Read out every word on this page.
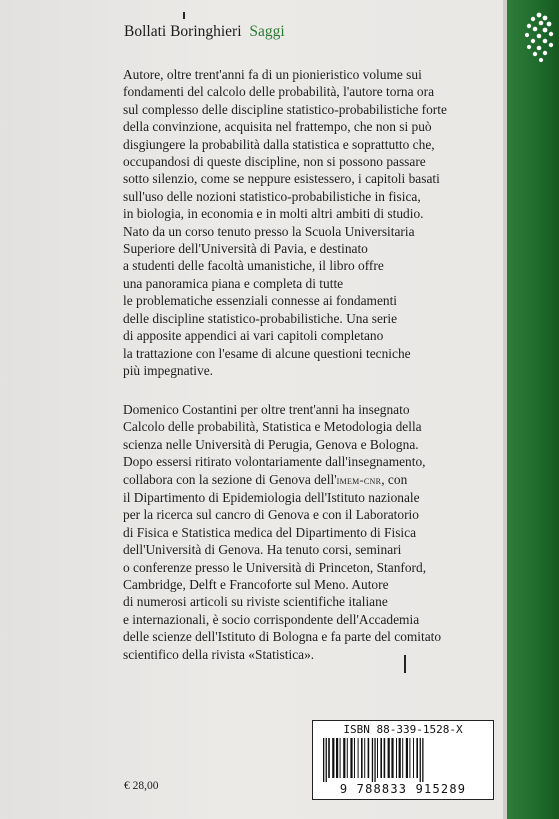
Bollati Boringhieri Saggi

Autore, oltre trent'anni fa di un pionieristico volume sui
fondamenti del calcolo delle probabilità, l'autore torna ora
sul complesso delle discipline statistico-probabilistiche forte
della convinzione, acquisita nel frattempo, che non si può
disgiungere la probabilità dalla statistica e soprattutto che,
occupandosi di queste discipline, non si possono passare
sotto silenzio, come se neppure esistessero, i capitoli basati
sull'uso delle nozioni statistico-probabilistiche in fisica,
in biologia, in economia e in molti altri ambiti di studio.
Nato da un corso tenuto presso la Scuola Universitaria
Superiore dell'Università di Pavia, e destinato
a studenti delle facoltà umanistiche, il libro offre
una panoramica piana e completa di tutte
le problematiche essenziali connesse ai fondamenti
delle discipline statistico-probabilistiche. Una serie
di apposite appendici ai vari capitoli completano
la trattazione con l'esame di alcune questioni tecniche
più impegnative.

Domenico Costantini per oltre trent'anni ha insegnato
Calcolo delle probabilità, Statistica e Metodologia della
scienza nelle Università di Perugia, Genova e Bologna.
Dopo essersi ritirato volontariamente dall'insegnamento,
collabora con la sezione di Genova dell'imem-cnr, con
il Dipartimento di Epidemiologia dell'Istituto nazionale
per la ricerca sul cancro di Genova e con il Laboratorio
di Fisica e Statistica medica del Dipartimento di Fisica
dell'Università di Genova. Ha tenuto corsi, seminari
o conferenze presso le Università di Princeton, Stanford,
Cambridge, Delft e Francoforte sul Meno. Autore
di numerosi articoli su riviste scientifiche italiane
e internazionali, è socio corrispondente dell'Accademia
delle scienze dell'Istituto di Bologna e fa parte del comitato
scientifico della rivista «Statistica».

ISBN 88-339-1528-X
9 788833 915289
€ 28,00
